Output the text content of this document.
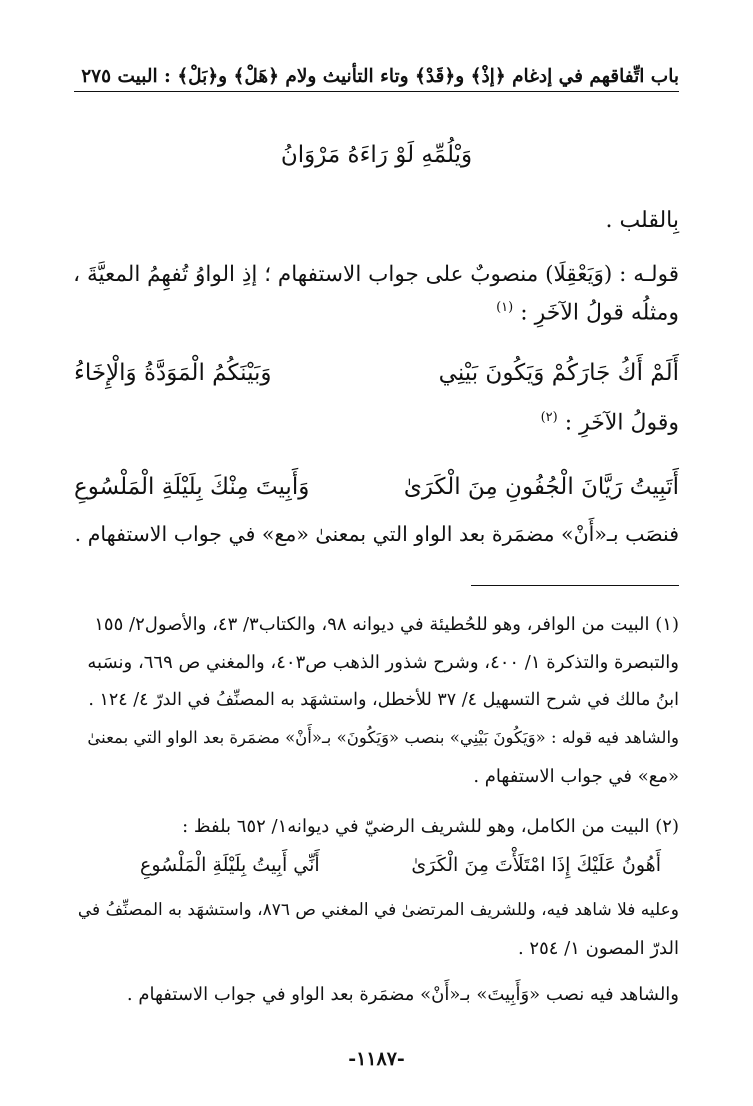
باب اتِّفاقهم في إدغام ﴿إذْ﴾ و﴿قَدْ﴾ وتاء التأنيث ولام ﴿هَلْ﴾ و﴿بَلْ﴾ : البيت ٢٧٥
وَيْلُمِّهِ لَوْ رَاءَهُ مَرْوَانُ
بِالقلب .
قولـه : (وَيَعْقِلَا) منصوبٌ على جواب الاستفهام ؛ إذِ الواوُ تُفهِمُ المعيَّةَ ،
ومثلُه قولُ الآخَرِ : $^{(١)}$
أَلَمْ أَكُ جَارَكُمْ وَيَكُونَ بَيْنِي
وَبَيْنَكُمُ الْمَوَدَّةُ وَالْإِخَاءُ
وقولُ الآخَرِ : $^{(٢)}$
أَتَبِيتُ رَيَّانَ الْجُفُونِ مِنَ الْكَرَىٰ
وَأَبِيتَ مِنْكَ بِلَيْلَةِ الْمَلْسُوعِ
فنصَب بـ«أَنْ» مضمَرة بعد الواو التي بمعنىٰ «مع» في جواب الاستفهام .
(١) البيت من الوافر، وهو للحُطيئة في ديوانه ٩٨، والكتاب٣/ ٤٣، والأصول٢/ ١٥٥
والتبصرة والتذكرة ١/ ٤٠٠، وشرح شذور الذهب ص٤٠٣، والمغني ص ٦٦٩، ونسَبه
ابنُ مالك في شرح التسهيل ٤/ ٣٧ للأخطل، واستشهَد به المصنِّفُ في الدرّ ٤/ ١٢٤ .
والشاهد فيه قوله : «وَيَكُونَ بَيْنِي» بنصب «وَيَكُونَ» بـ«أَنْ» مضمَرة بعد الواو التي بمعنىٰ
«مع» في جواب الاستفهام .
(٢) البيت من الكامل، وهو للشريف الرضيّ في ديوانه١/ ٦٥٢ بلفظ :
أَهُونُ عَلَيْكَ إِذَا امْتَلَأْتَ مِنَ الْكَرَىٰ
أَنِّي أَبِيتُ بِلَيْلَةِ الْمَلْسُوعِ
وعليه فلا شاهد فيه، وللشريف المرتضىٰ في المغني ص ٨٧٦، واستشهَد به المصنِّفُ في
الدرّ المصون ١/ ٢٥٤ .
والشاهد فيه نصب «وَأَبِيتَ» بـ«أَنْ» مضمَرة بعد الواو في جواب الاستفهام .
-١١٨٧-
